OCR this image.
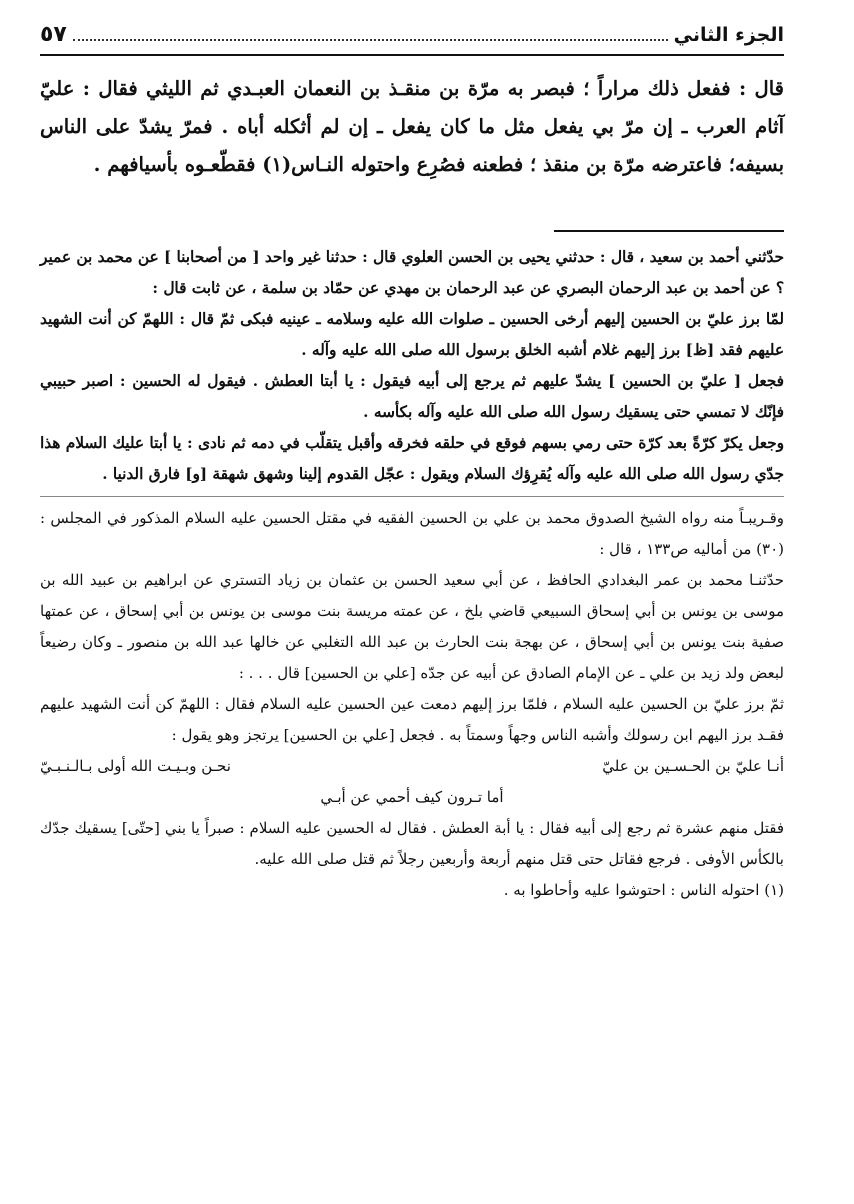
الجزء الثاني
٥٧

قال : ففعل ذلك مراراً ؛ فبصر به مرّة بن منقـذ بن النعمان العبـدي ثم الليثي فقال : عليّ آثام العرب ـ إن مرّ بي يفعل مثل ما كان يفعل ـ إن لم أثكله أباه . فمرّ يشدّ على الناس بسيفه؛ فاعترضه مرّة بن منقذ ؛ فطعنه فصُرِع واحتوله النـاس(١) فقطّعـوه بأسيافهم .

حدّثني أحمد بن سعيد ، قال : حدثني يحيى بن الحسن العلوي قال : حدثنا غير واحد [ من أصحابنا ] عن محمد بن عمير ؟ عن أحمد بن عبد الرحمان البصري عن عبد الرحمان بن مهدي عن حمّاد بن سلمة ، عن ثابت قال :

لمّا برز عليّ بن الحسين إليهم أرخى الحسين ـ صلوات الله عليه وسلامه ـ عينيه فبكى ثمّ قال : اللهمّ كن أنت الشهيد عليهم فقد [ظ] برز إليهم غلام أشبه الخلق برسول الله صلى الله عليه وآله .

فجعل [ عليّ بن الحسين ] يشدّ عليهم ثم يرجع إلى أبيه فيقول : يا أبتا العطش . فيقول له الحسين : اصبر حبيبي فإنّك لا تمسي حتى يسقيك رسول الله صلى الله عليه وآله بكأسه .

وجعل يكرّ كرّةً بعد كرّة حتى رمي بسهم فوقع في حلقه فخرقه وأقبل يتقلّب في دمه ثم نادى : يا أبتا عليك السلام هذا جدّي رسول الله صلى الله عليه وآله يُقرِؤك السلام ويقول : عجّل القدوم إلينا وشهق شهقة [و] فارق الدنيا .

وقـريبـاً منه رواه الشيخ الصدوق محمد بن علي بن الحسين الفقيه في مقتل الحسين عليه السلام المذكور في المجلس : (٣٠) من أماليه ص١٣٣ ، قال :

حدّثنـا محمد بن عمر البغدادي الحافظ ، عن أبي سعيد الحسن بن عثمان بن زياد التستري عن ابراهيم بن عبيد الله بن موسى بن يونس بن أبي إسحاق السبيعي قاضي بلخ ، عن عمته مريسة بنت موسى بن يونس بن أبي إسحاق ، عن عمتها صفية بنت يونس بن أبي إسحاق ، عن بهجة بنت الحارث بن عبد الله التغلبي عن خالها عبد الله بن منصور ـ وكان رضيعاً لبعض ولد زيد بن علي ـ عن الإمام الصادق عن أبيه عن جدّه [علي بن الحسين] قال . . . :

ثمّ برز عليّ بن الحسين عليه السلام ، فلمّا برز إليهم دمعت عين الحسين عليه السلام فقال : اللهمّ كن أنت الشهيد عليهم فقـد برز اليهم ابن رسولك وأشبه الناس وجهاً وسمتاً به . فجعل [علي بن الحسين] يرتجز وهو يقول :

أنـا عليّ بن الحـسـين بن عليّ
نحـن وبـيـت الله أولى بـالـنـبـيّ
أما تـرون كيف أحمي عن أبـي

فقتل منهم عشرة ثم رجع إلى أبيه فقال : يا أبة العطش . فقال له الحسين عليه السلام : صبراً يا بني [حتّى] يسقيك جدّك بالكأس الأوفى . فرجع فقاتل حتى قتل منهم أربعة وأربعين رجلاً ثم قتل صلى الله عليه.

(١) احتوله الناس : احتوشوا عليه وأحاطوا به .
